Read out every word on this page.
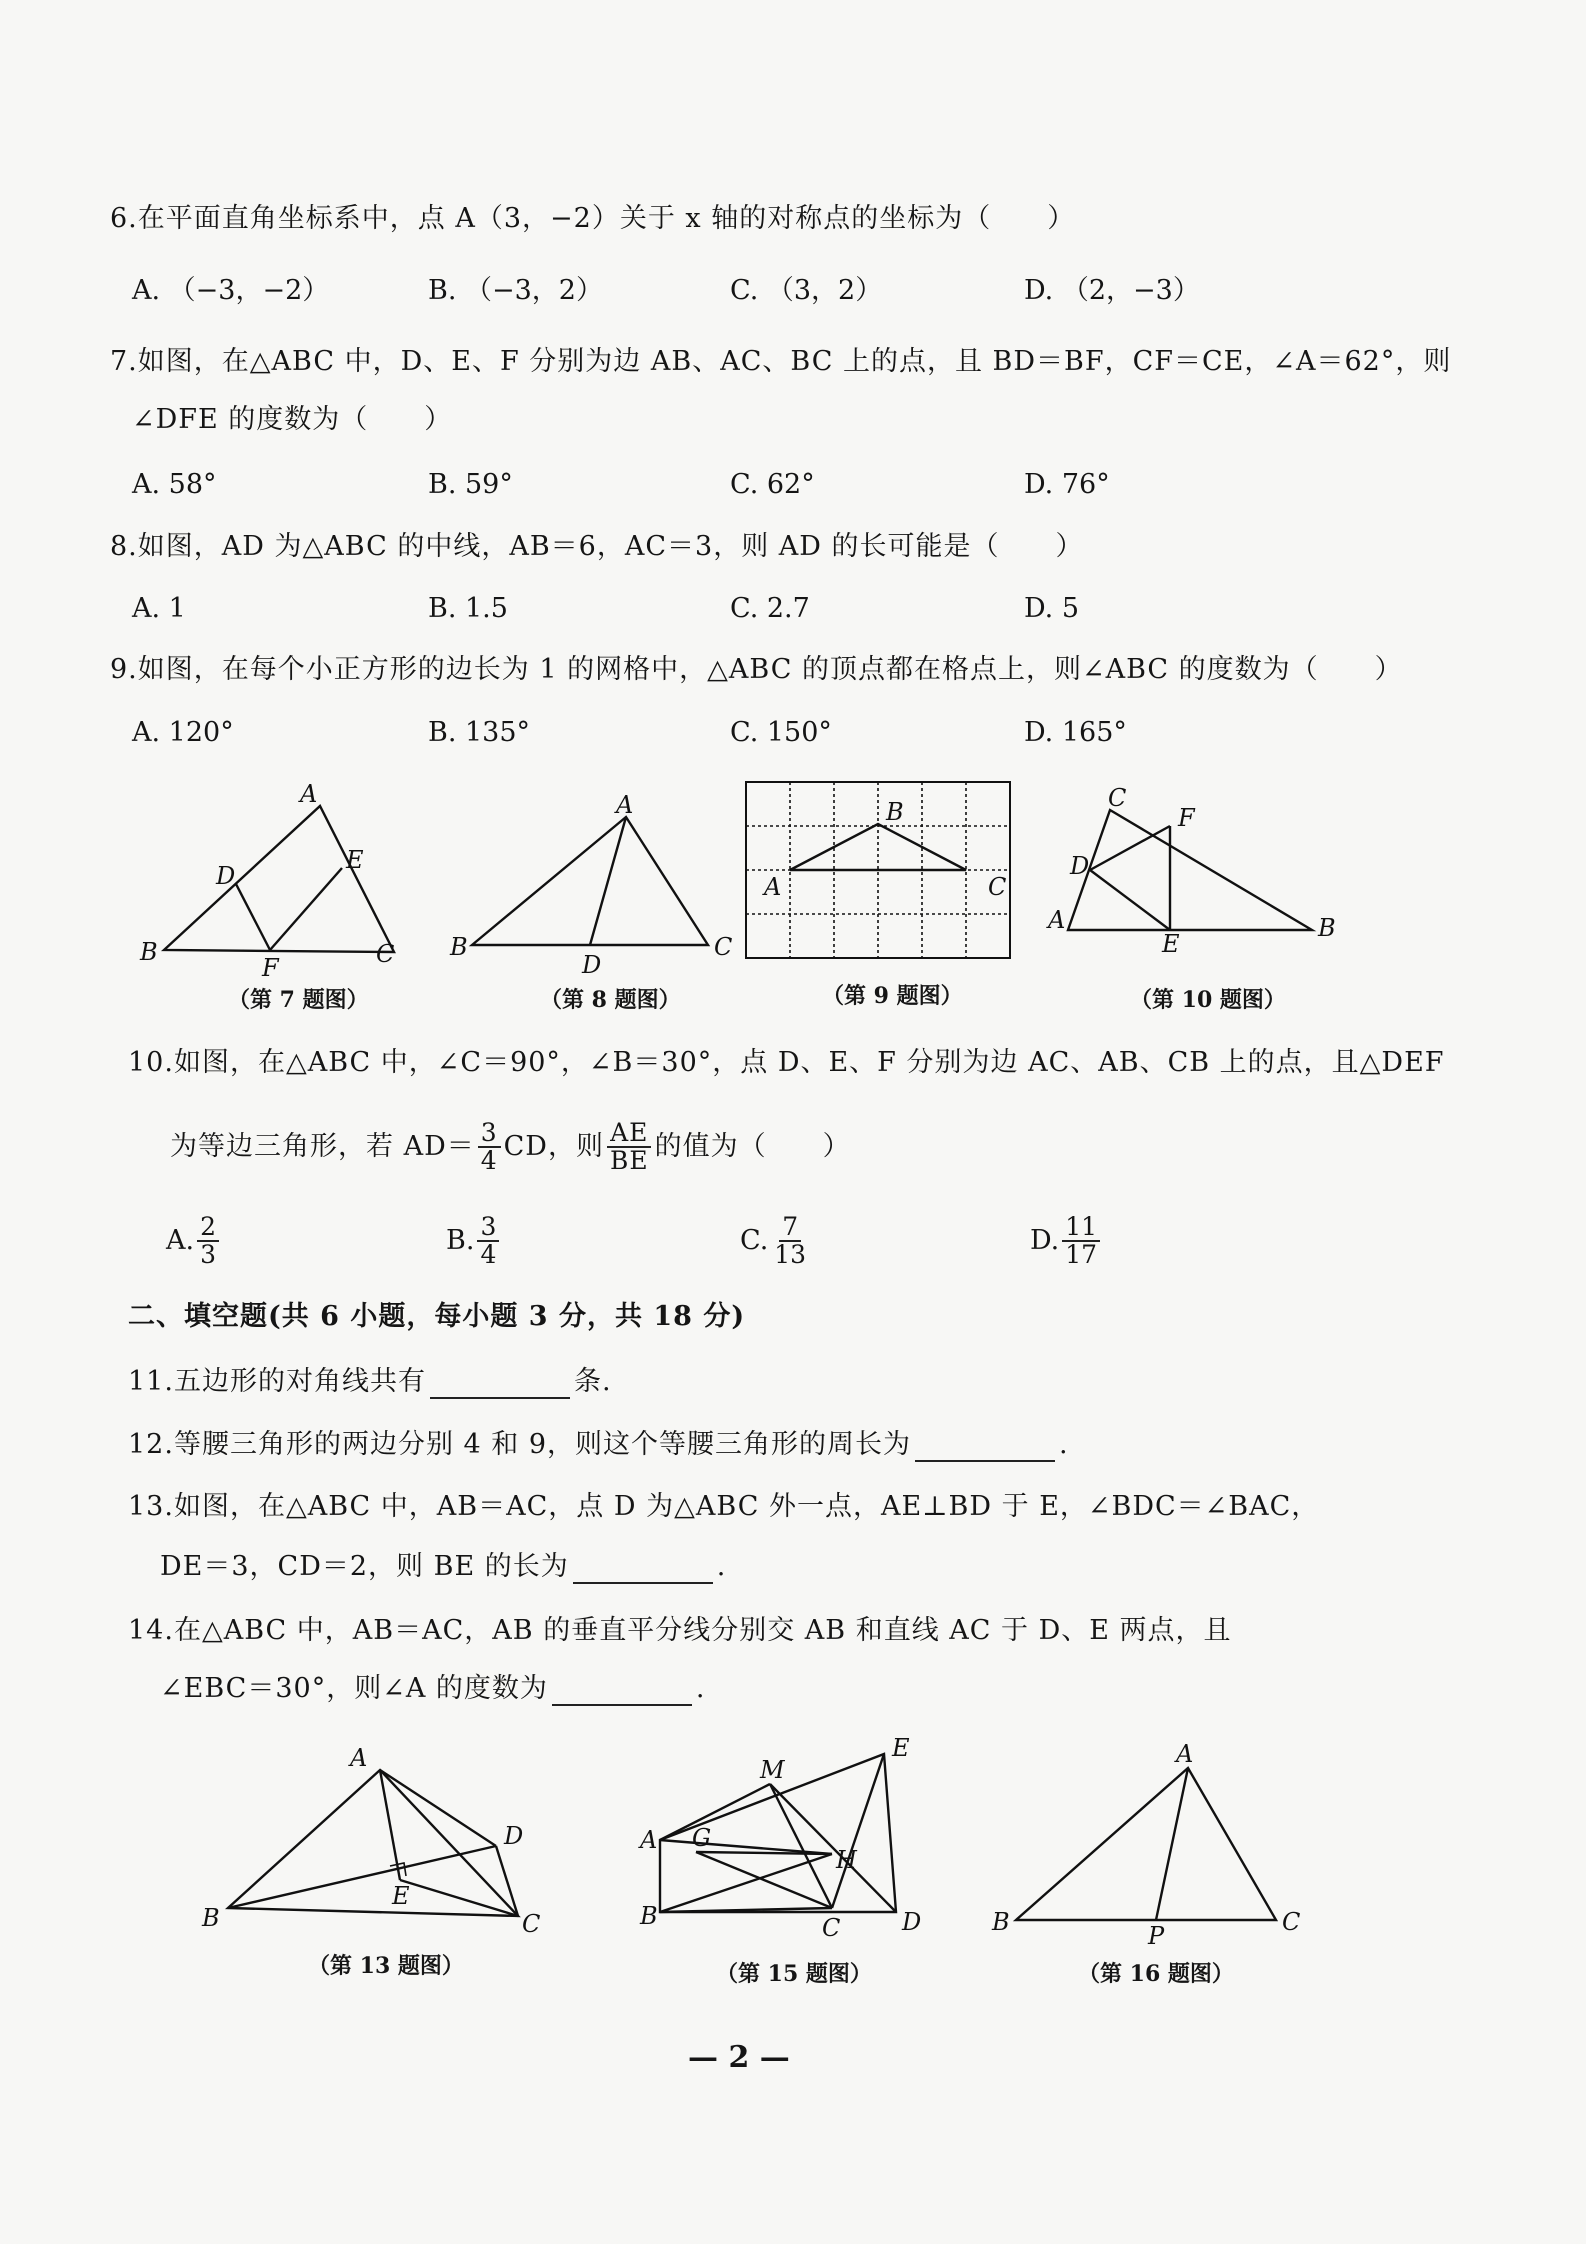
6.在平面直角坐标系中，点 A（3，−2）关于 x 轴的对称点的坐标为（　　）
A. （−3，−2）	B. （−3，2）	C. （3，2）	D. （2，−3）
7.如图，在△ABC 中，D、E、F 分别为边 AB、AC、BC 上的点，且 BD＝BF，CF＝CE，∠A＝62°，则
∠DFE 的度数为（　　）
A. 58°	B. 59°	C. 62°	D. 76°
8.如图，AD 为△ABC 的中线，AB＝6，AC＝3，则 AD 的长可能是（　　）
A. 1	B. 1.5	C. 2.7	D. 5
9.如图，在每个小正方形的边长为 1 的网格中，△ABC 的顶点都在格点上，则∠ABC 的度数为（　　）
A. 120°	B. 135°	C. 150°	D. 165°
A
B	C
D
E
F
（第 7 题图）
A
B	C
D
（第 8 题图）
A
B
C
（第 9 题图）
A	B
C
D
E
F
（第 10 题图）
10.如图，在△ABC 中，∠C＝90°，∠B＝30°，点 D、E、F 分别为边 AC、AB、CB 上的点，且△DEF
为等边三角形，若 $AD= \frac{3}{4}$ CD，则 $\frac{AE}{BE}$ 的值为（　　）
A. $\frac{2}{3}$	B. $\frac{3}{4}$	C. $\frac{7}{13}$	D. $\frac{11}{17}$
二、填空题(共 6 小题，每小题 3 分，共 18 分)
11.五边形的对角线共有	条.
12.等腰三角形的两边分别 4 和 9，则这个等腰三角形的周长为	.
13.如图，在△ABC 中，AB＝AC，点 D 为△ABC 外一点，AE⊥BD 于 E，∠BDC＝∠BAC，
DE＝3，CD＝2，则 BE 的长为	.
14.在△ABC 中，AB＝AC，AB 的垂直平分线分别交 AB 和直线 AC 于 D、E 两点，且
∠EBC＝30°，则∠A 的度数为	.
A
B	C
D
E
（第 13 题图）
A
B	C	D
E
M
G
H
（第 15 题图）
A
B	C
P
（第 16 题图）
— 2 —
